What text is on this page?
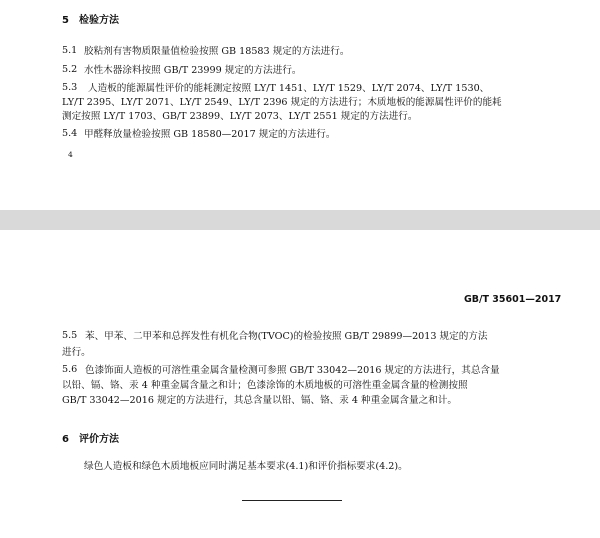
5　检验方法
5.1 胶粘剂有害物质限量值检验按照 GB 18583 规定的方法进行。
5.2 水性木器涂料按照 GB/T 23999 规定的方法进行。
5.3 人造板的能源属性评价的能耗测定按照 LY/T 1451、LY/T 1529、LY/T 2074、LY/T 1530、
LY/T 2395、LY/T 2071、LY/T 2549、LY/T 2396 规定的方法进行；木质地板的能源属性评价的能耗
测定按照 LY/T 1703、GB/T 23899、LY/T 2073、LY/T 2551 规定的方法进行。
5.4 甲醛释放量检验按照 GB 18580—2017 规定的方法进行。
4
GB/T 35601—2017
5.5 苯、甲苯、二甲苯和总挥发性有机化合物(TVOC)的检验按照 GB/T 29899—2013 规定的方法
进行。
5.6 色漆饰面人造板的可溶性重金属含量检测可参照 GB/T 33042—2016 规定的方法进行，其总含量
以铅、镉、铬、汞 4 种重金属含量之和计；色漆涂饰的木质地板的可溶性重金属含量的检测按照
GB/T 33042—2016 规定的方法进行，其总含量以铅、镉、铬、汞 4 种重金属含量之和计。
6　评价方法
绿色人造板和绿色木质地板应同时满足基本要求(4.1)和评价指标要求(4.2)。
